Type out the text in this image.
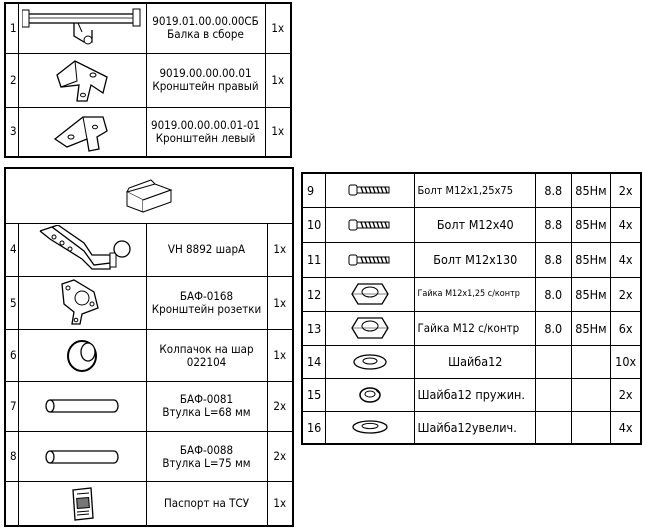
1		9019.01.00.00.00СБ
Балка в сборе	1x
2		9019.00.00.00.01
Кронштейн правый	1x
3		9019.00.00.00.01-01
Кронштейн левый	1x

4		VH 8892 шарA	1x
5		БАФ-0168
Кронштейн розетки	1x
6		Колпачок на шар
022104	1x
7		БАФ-0081
Втулка L=68 мм	2x
8		БАФ-0088
Втулка L=75 мм	2x

	Паспорт на ТСУ	1x
9		Болт М12х1,25х75	8.8	85Нм	2x
10		Болт М12х40	8.8	85Нм	4x
11		Болт М12х130	8.8	85Нм	4x
12		Гайка М12х1,25 с/контр	8.0	85Нм	2x
13		Гайка М12 с/контр	8.0	85Нм	6x
14		Шайба12			10x
15		Шайба12 пружин.			2x
16		Шайба12увелич.			4x
